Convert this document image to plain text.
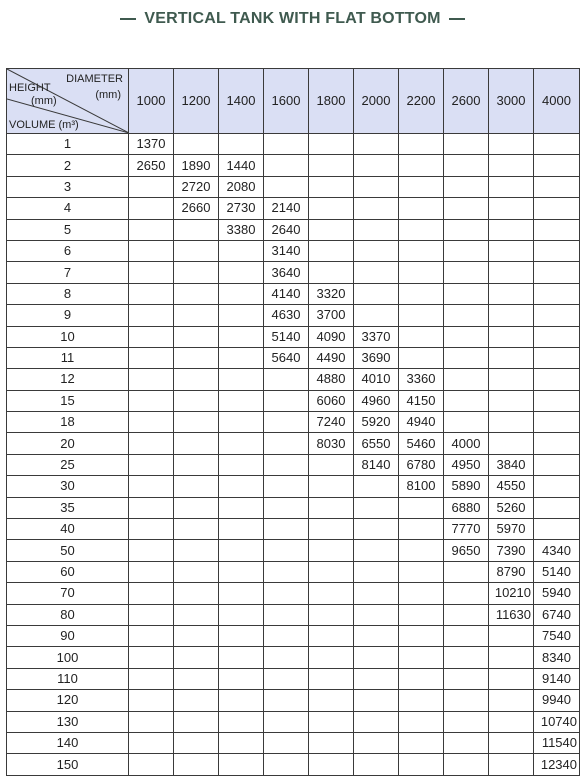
VERTICAL TANK WITH FLAT BOTTOM
DIAMETER
(mm)
HEIGHT
(mm)
VOLUME (m³)	1000	1200	1400	1600	1800	2000	2200	2600	3000	4000
1	1370									
2	2650	1890	1440							
3		2720	2080							
4		2660	2730	2140						
5			3380	2640						
6				3140						
7				3640						
8				4140	3320					
9				4630	3700					
10				5140	4090	3370				
11				5640	4490	3690				
12					4880	4010	3360			
15					6060	4960	4150			
18					7240	5920	4940			
20					8030	6550	5460	4000		
25						8140	6780	4950	3840	
30							8100	5890	4550	
35								6880	5260	
40								7770	5970	
50								9650	7390	4340
60									8790	5140
70									10210	5940
80									11630	6740
90										7540
100										8340
110										9140
120										9940
130										10740
140										11540
150										12340
